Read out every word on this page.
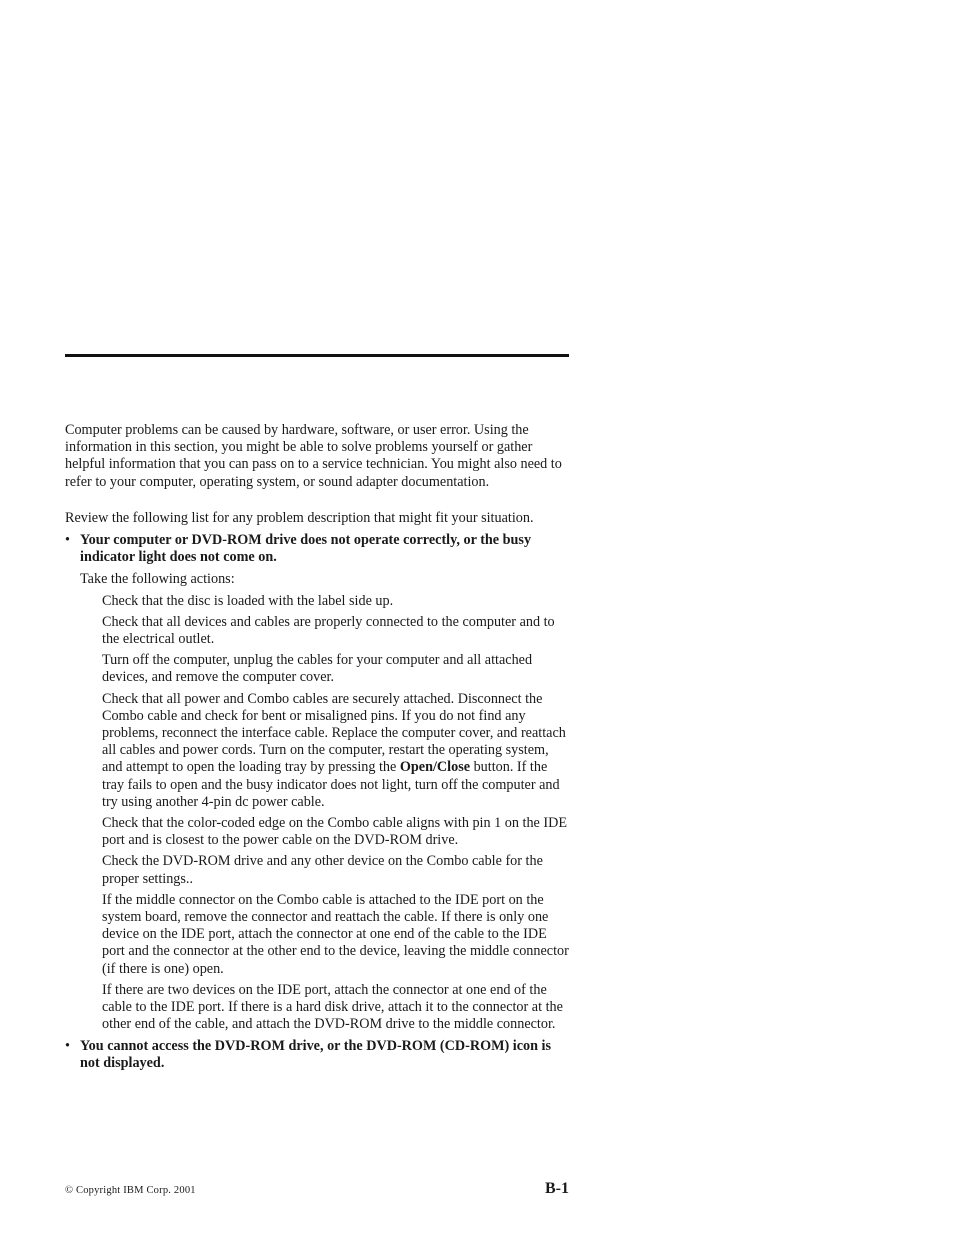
Computer problems can be caused by hardware, software, or user error. Using the information in this section, you might be able to solve problems yourself or gather helpful information that you can pass on to a service technician. You might also need to refer to your computer, operating system, or sound adapter documentation.

Review the following list for any problem description that might fit your situation.

• Your computer or DVD-ROM drive does not operate correctly, or the busy indicator light does not come on.

Take the following actions:

Check that the disc is loaded with the label side up.

Check that all devices and cables are properly connected to the computer and to the electrical outlet.

Turn off the computer, unplug the cables for your computer and all attached devices, and remove the computer cover.

Check that all power and Combo cables are securely attached. Disconnect the Combo cable and check for bent or misaligned pins. If you do not find any problems, reconnect the interface cable. Replace the computer cover, and reattach all cables and power cords. Turn on the computer, restart the operating system, and attempt to open the loading tray by pressing the Open/Close button. If the tray fails to open and the busy indicator does not light, turn off the computer and try using another 4-pin dc power cable.

Check that the color-coded edge on the Combo cable aligns with pin 1 on the IDE port and is closest to the power cable on the DVD-ROM drive.

Check the DVD-ROM drive and any other device on the Combo cable for the proper settings..

If the middle connector on the Combo cable is attached to the IDE port on the system board, remove the connector and reattach the cable. If there is only one device on the IDE port, attach the connector at one end of the cable to the IDE port and the connector at the other end to the device, leaving the middle connector (if there is one) open.

If there are two devices on the IDE port, attach the connector at one end of the cable to the IDE port. If there is a hard disk drive, attach it to the connector at the other end of the cable, and attach the DVD-ROM drive to the middle connector.

• You cannot access the DVD-ROM drive, or the DVD-ROM (CD-ROM) icon is not displayed.
© Copyright IBM Corp. 2001	B-1
